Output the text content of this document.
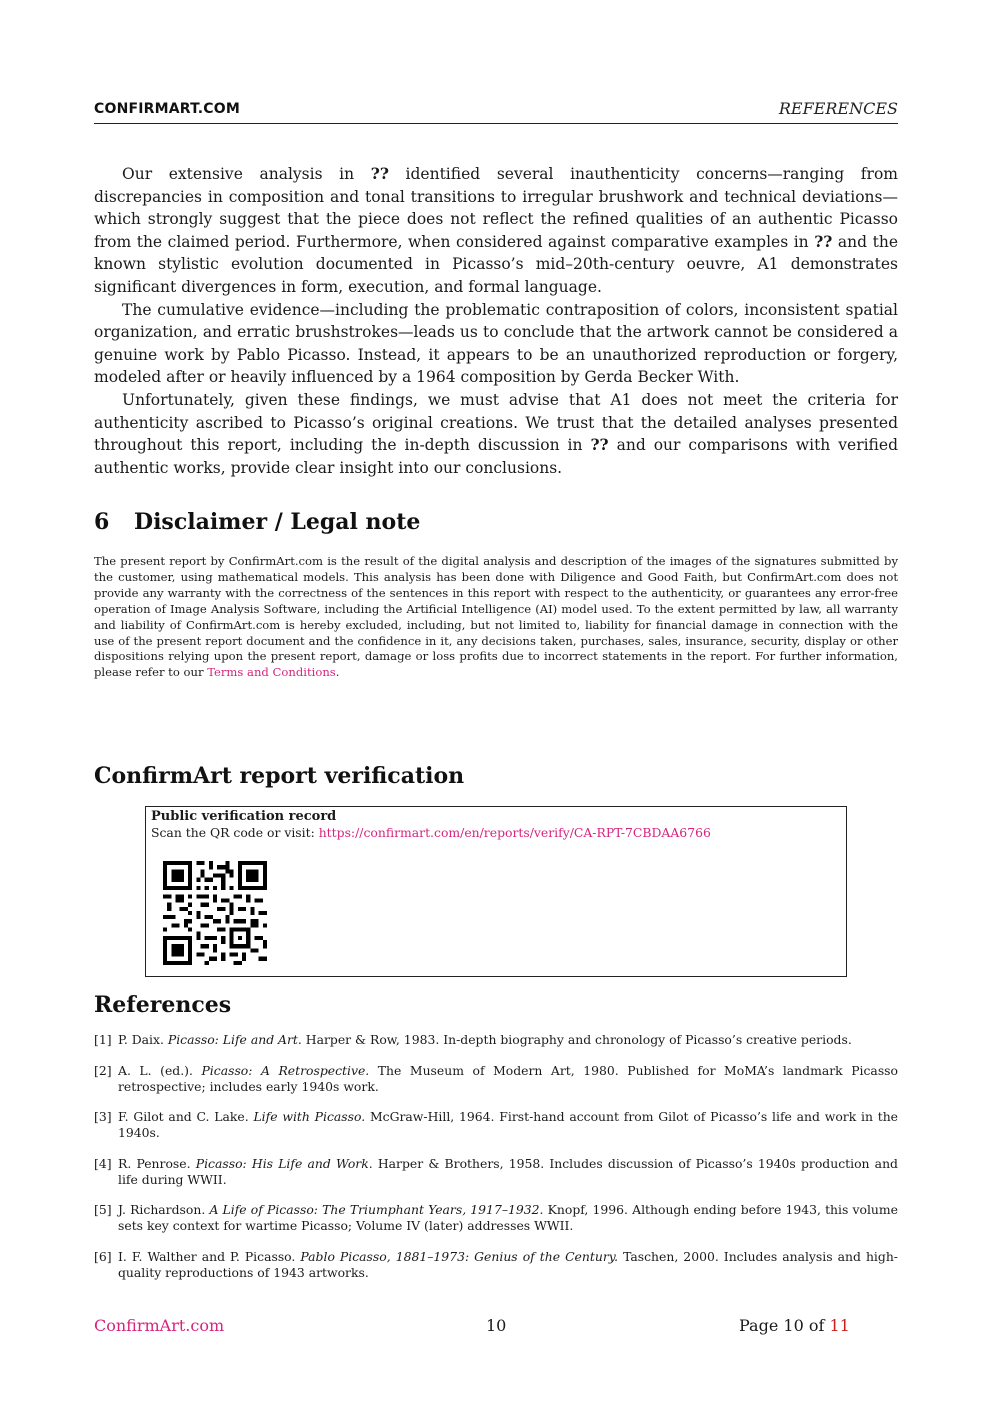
CONFIRMART.COM	REFERENCES

Our extensive analysis in ?? identified several inauthenticity concerns—ranging from discrepancies in composition and tonal transitions to irregular brushwork and technical deviations—which strongly suggest that the piece does not reflect the refined qualities of an authentic Picasso from the claimed period. Furthermore, when considered against comparative examples in ?? and the known stylistic evolution documented in Picasso’s mid–20th-century oeuvre, A1 demonstrates significant divergences in form, execution, and formal language.

The cumulative evidence—including the problematic contraposition of colors, inconsistent spatial organization, and erratic brushstrokes—leads us to conclude that the artwork cannot be considered a genuine work by Pablo Picasso. Instead, it appears to be an unauthorized reproduction or forgery, modeled after or heavily influenced by a 1964 composition by Gerda Becker With.

Unfortunately, given these findings, we must advise that A1 does not meet the criteria for authenticity ascribed to Picasso’s original creations. We trust that the detailed analyses presented throughout this report, including the in-depth discussion in ?? and our comparisons with verified authentic works, provide clear insight into our conclusions.

6 Disclaimer / Legal note

The present report by ConfirmArt.com is the result of the digital analysis and description of the images of the signatures submitted by the customer, using mathematical models. This analysis has been done with Diligence and Good Faith, but ConfirmArt.com does not provide any warranty with the correctness of the sentences in this report with respect to the authenticity, or guarantees any error-free operation of Image Analysis Software, including the Artificial Intelligence (AI) model used. To the extent permitted by law, all warranty and liability of ConfirmArt.com is hereby excluded, including, but not limited to, liability for financial damage in connection with the use of the present report document and the confidence in it, any decisions taken, purchases, sales, insurance, security, display or other dispositions relying upon the present report, damage or loss profits due to incorrect statements in the report. For further information, please refer to our Terms and Conditions.

ConfirmArt report verification
Public verification record
Scan the QR code or visit: https://confirmart.com/en/reports/verify/CA-RPT-7CBDAA6766
References
[1] P. Daix. Picasso: Life and Art. Harper & Row, 1983. In-depth biography and chronology of Picasso’s creative periods.
[2] A. L. (ed.). Picasso: A Retrospective. The Museum of Modern Art, 1980. Published for MoMA’s landmark Picasso retrospective; includes early 1940s work.
[3] F. Gilot and C. Lake. Life with Picasso. McGraw-Hill, 1964. First-hand account from Gilot of Picasso’s life and work in the 1940s.
[4] R. Penrose. Picasso: His Life and Work. Harper & Brothers, 1958. Includes discussion of Picasso’s 1940s production and life during WWII.
[5] J. Richardson. A Life of Picasso: The Triumphant Years, 1917–1932. Knopf, 1996. Although ending before 1943, this volume sets key context for wartime Picasso; Volume IV (later) addresses WWII.
[6] I. F. Walther and P. Picasso. Pablo Picasso, 1881–1973: Genius of the Century. Taschen, 2000. Includes analysis and high-quality reproductions of 1943 artworks.
ConfirmArt.com	10	Page 10 of 11
